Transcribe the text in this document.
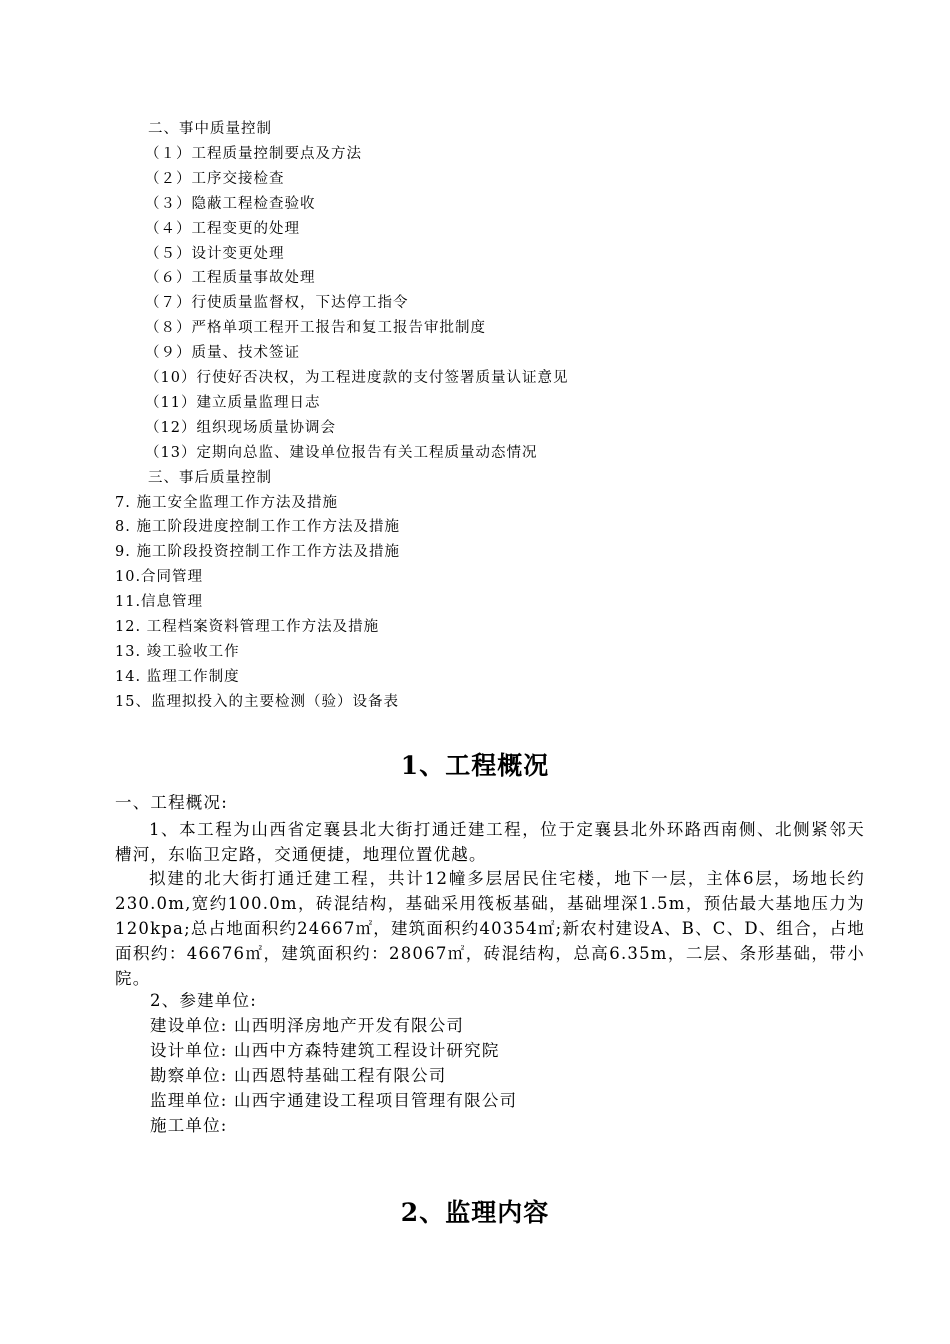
二、事中质量控制
（１）工程质量控制要点及方法
（２）工序交接检查
（３）隐蔽工程检查验收
（４）工程变更的处理
（５）设计变更处理
（６）工程质量事故处理
（７）行使质量监督权，下达停工指令
（８）严格单项工程开工报告和复工报告审批制度
（９）质量、技术签证
（10）行使好否决权，为工程进度款的支付签署质量认证意见
（11）建立质量监理日志
（12）组织现场质量协调会
（13）定期向总监、建设单位报告有关工程质量动态情况
三、事后质量控制
7. 施工安全监理工作方法及措施
8. 施工阶段进度控制工作工作方法及措施
9. 施工阶段投资控制工作工作方法及措施
10.合同管理
11.信息管理
12. 工程档案资料管理工作方法及措施
13. 竣工验收工作
14. 监理工作制度
15、监理拟投入的主要检测（验）设备表
1、工程概况
一、工程概况:
1、本工程为山西省定襄县北大街打通迁建工程，位于定襄县北外环路西南侧、北侧紧邻天槽河，东临卫定路，交通便捷，地理位置优越。
拟建的北大街打通迁建工程，共计12幢多层居民住宅楼，地下一层，主体6层，场地长约230.0m,宽约100.0m，砖混结构，基础采用筏板基础，基础埋深1.5m，预估最大基地压力为120kpa;总占地面积约24667㎡，建筑面积约40354㎡;新农村建设A、B、C、D、组合，占地面积约：46676㎡，建筑面积约：28067㎡，砖混结构，总高6.35m，二层、条形基础，带小院。
2、参建单位:
建设单位: 山西明泽房地产开发有限公司
设计单位: 山西中方森特建筑工程设计研究院
勘察单位: 山西恩特基础工程有限公司
监理单位: 山西宇通建设工程项目管理有限公司
施工单位:
2、监理内容
